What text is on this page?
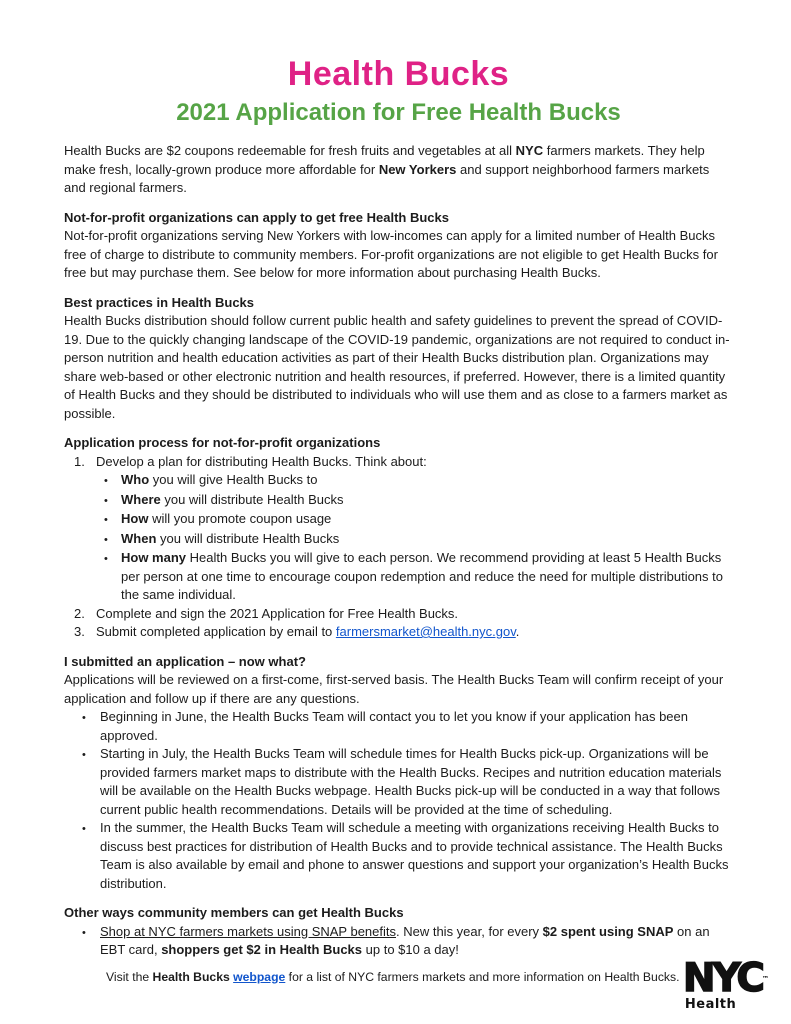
Health Bucks
2021 Application for Free Health Bucks

Health Bucks are $2 coupons redeemable for fresh fruits and vegetables at all NYC farmers markets. They help make fresh, locally-grown produce more affordable for New Yorkers and support neighborhood farmers markets and regional farmers.

Not-for-profit organizations can apply to get free Health Bucks

Not-for-profit organizations serving New Yorkers with low-incomes can apply for a limited number of Health Bucks free of charge to distribute to community members. For-profit organizations are not eligible to get Health Bucks for free but may purchase them. See below for more information about purchasing Health Bucks.

Best practices in Health Bucks

Health Bucks distribution should follow current public health and safety guidelines to prevent the spread of COVID-19. Due to the quickly changing landscape of the COVID-19 pandemic, organizations are not required to conduct in-person nutrition and health education activities as part of their Health Bucks distribution plan. Organizations may share web-based or other electronic nutrition and health resources, if preferred. However, there is a limited quantity of Health Bucks and they should be distributed to individuals who will use them and as close to a farmers market as possible.

Application process for not-for-profit organizations

1. Develop a plan for distributing Health Bucks. Think about:
•	Who you will give Health Bucks to
•	Where you will distribute Health Bucks
•	How will you promote coupon usage
•	When you will distribute Health Bucks
•	How many Health Bucks you will give to each person. We recommend providing at least 5 Health Bucks per person at one time to encourage coupon redemption and reduce the need for multiple distributions to the same individual.
2. Complete and sign the 2021 Application for Free Health Bucks.
3. Submit completed application by email to farmersmarket@health.nyc.gov.

I submitted an application – now what?

Applications will be reviewed on a first-come, first-served basis. The Health Bucks Team will confirm receipt of your application and follow up if there are any questions.

•	Beginning in June, the Health Bucks Team will contact you to let you know if your application has been approved.
•	Starting in July, the Health Bucks Team will schedule times for Health Bucks pick-up. Organizations will be provided farmers market maps to distribute with the Health Bucks. Recipes and nutrition education materials will be available on the Health Bucks webpage. Health Bucks pick-up will be conducted in a way that follows current public health recommendations. Details will be provided at the time of scheduling.
•	In the summer, the Health Bucks Team will schedule a meeting with organizations receiving Health Bucks to discuss best practices for distribution of Health Bucks and to provide technical assistance. The Health Bucks Team is also available by email and phone to answer questions and support your organization’s Health Bucks distribution.

Other ways community members can get Health Bucks

•	Shop at NYC farmers markets using SNAP benefits. New this year, for every $2 spent using SNAP on an EBT card, shoppers get $2 in Health Bucks up to $10 a day!

Visit the Health Bucks webpage for a list of NYC farmers markets and more information on Health Bucks. NYC™
Health
